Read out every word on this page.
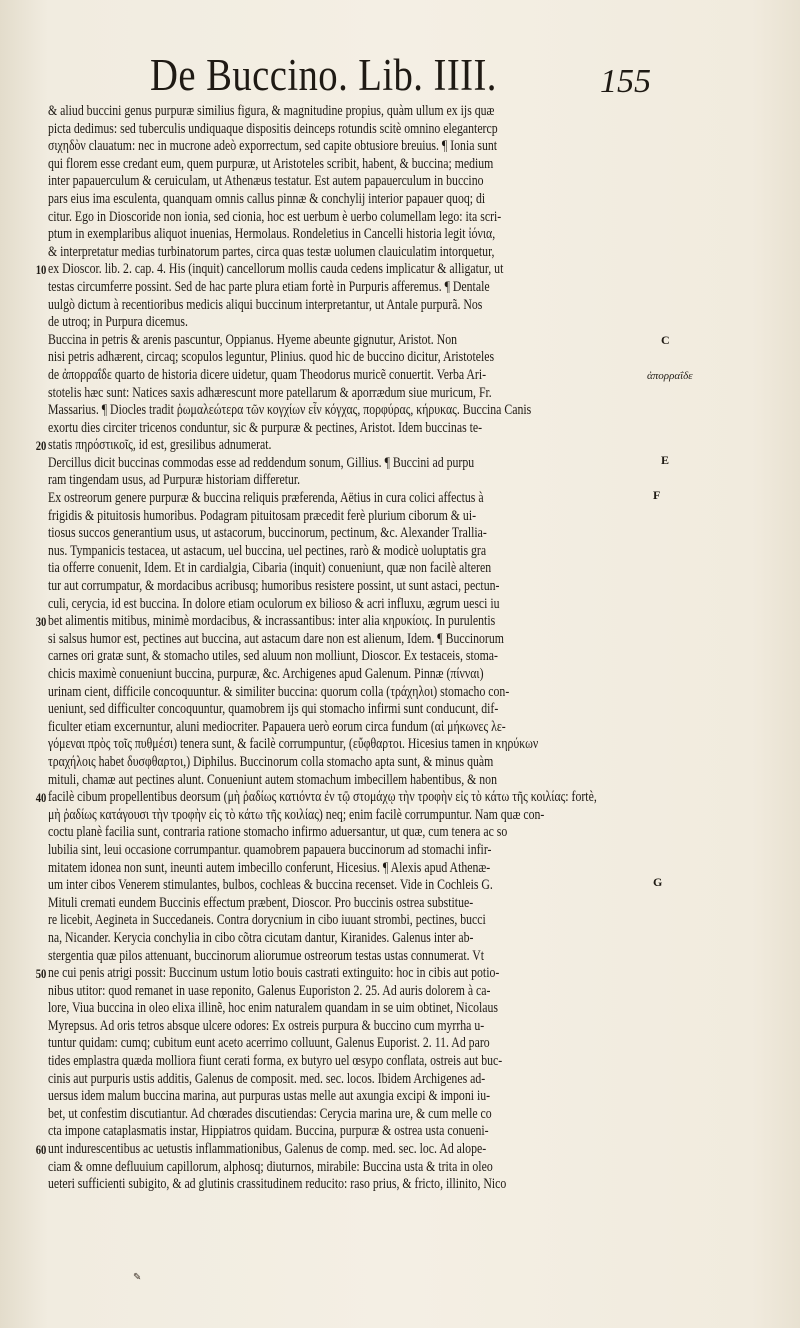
De Buccino. Lib. IIII.	155
& aliud buccini genus purpuræ similius figura, & magnitudine propius, quàm ullum ex ijs quæ
picta dedimus: sed tuberculis undiquaque dispositis deinceps rotundis scitè omnino elegantercp
σιχηδὸν clauatum: nec in mucrone adeò exporrectum, sed capite obtusiore breuius. ¶ Ionia sunt
qui florem esse credant eum, quem purpuræ, ut Aristoteles scribit, habent, & buccina; medium
inter papauerculum & ceruiculam, ut Athenæus testatur. Est autem papauerculum in buccino
pars eius ima esculenta, quanquam omnis callus pinnæ & conchylij interior papauer quoq; di
citur. Ego in Dioscoride non ionia, sed cionia, hoc est uerbum è uerbo columellam lego: ita scri-
ptum in exemplaribus aliquot inuenias, Hermolaus. Rondeletius in Cancelli historia legit ἰόνια,
& interpretatur medias turbinatorum partes, circa quas testæ uolumen clauiculatim intorquetur,
10 ex Dioscor. lib. 2. cap. 4. His (inquit) cancellorum mollis cauda cedens implicatur & alligatur, ut
testas circumferre possint. Sed de hac parte plura etiam fortè in Purpuris afferemus. ¶ Dentale
uulgò dictum à recentioribus medicis aliqui buccinum interpretantur, ut Antale purpurã. Nos
de utroq; in Purpura dicemus.
Buccina in petris & arenis pascuntur, Oppianus. Hyeme abeunte gignutur, Aristot. Non
nisi petris adhærent, circaq; scopulos leguntur, Plinius. quod hic de buccino dicitur, Aristoteles
de ἀπορραΐδε quarto de historia dicere uidetur, quam Theodorus muricẽ conuertit. Verba Ari-
stotelis hæc sunt: Natices saxis adhærescunt more patellarum & aporrædum siue muricum, Fr.
Massarius. ¶ Diocles tradit ῥωμαλεώτερα τῶν κογχίων εἶν κόγχας, πορφύρας, κήρυκας. Buccina Canis
exortu dies circiter tricenos conduntur, sic & purpuræ & pectines, Aristot. Idem buccinas te-
20 statis πηρόστικοῖς, id est, gresilibus adnumerat.
Dercillus dicit buccinas commodas esse ad reddendum sonum, Gillius. ¶ Buccini ad purpu
ram tingendam usus, ad Purpuræ historiam differetur.
Ex ostreorum genere purpuræ & buccina reliquis præferenda, Aëtius in cura colici affectus à
frigidis & pituitosis humoribus. Podagram pituitosam præcedit ferè plurium ciborum & ui-
tiosus succos generantium usus, ut astacorum, buccinorum, pectinum, &c. Alexander Trallia-
nus. Tympanicis testacea, ut astacum, uel buccina, uel pectines, rarò & modicè uoluptatis gra
tia offerre conuenit, Idem. Et in cardialgia, Cibaria (inquit) conueniunt, quæ non facilè alteren
tur aut corrumpatur, & mordacibus acribusq; humoribus resistere possint, ut sunt astaci, pectun-
culi, cerycia, id est buccina. In dolore etiam oculorum ex bilioso & acri influxu, ægrum uesci iu
30 bet alimentis mitibus, minimè mordacibus, & incrassantibus: inter alia κηρυκίοις. In purulentis
si salsus humor est, pectines aut buccina, aut astacum dare non est alienum, Idem. ¶ Buccinorum
carnes ori gratæ sunt, & stomacho utiles, sed aluum non molliunt, Dioscor. Ex testaceis, stoma-
chicis maximè conueniunt buccina, purpuræ, &c. Archigenes apud Galenum. Pinnæ (πίνναι)
urinam cient, difficile concoquuntur. & similiter buccina: quorum colla (τράχηλοι) stomacho con-
ueniunt, sed difficulter concoquuntur, quamobrem ijs qui stomacho infirmi sunt conducunt, dif-
ficulter etiam excernuntur, aluni mediocriter. Papauera uerò eorum circa fundum (αἱ μήκωνες λε-
γόμεναι πρὸς τοῖς πυθμέσι) tenera sunt, & facilè corrumpuntur, (εὔφθαρτοι. Hicesius tamen in κηρύκων
τραχήλοις habet δυσφθαρτοι,) Diphilus. Buccinorum colla stomacho apta sunt, & minus quàm
mituli, chamæ aut pectines alunt. Conueniunt autem stomachum imbecillem habentibus, & non
40 facilè cibum propellentibus deorsum (μὴ ῥαδίως κατιόντα ἐν τῷ στομάχῳ τὴν τροφὴν εἰς τὸ κάτω τῆς κοιλίας: fortè,
μὴ ῥαδίως κατάγουσι τὴν τροφὴν εἰς τὸ κάτω τῆς κοιλίας) neq; enim facilè corrumpuntur. Nam quæ con-
coctu planè facilia sunt, contraria ratione stomacho infirmo aduersantur, ut quæ, cum tenera ac so
lubilia sint, leui occasione corrumpantur. quamobrem papauera buccinorum ad stomachi infir-
mitatem idonea non sunt, ineunti autem imbecillo conferunt, Hicesius. ¶ Alexis apud Athenæ-
um inter cibos Venerem stimulantes, bulbos, cochleas & buccina recenset. Vide in Cochleis G.
Mituli cremati eundem Buccinis effectum præbent, Dioscor. Pro buccinis ostrea substitue-
re licebit, Aegineta in Succedaneis. Contra dorycnium in cibo iuuant strombi, pectines, bucci
na, Nicander. Kerycia conchylia in cibo cõtra cicutam dantur, Kiranides. Galenus inter ab-
stergentia quæ pilos attenuant, buccinorum aliorumue ostreorum testas ustas connumerat. Vt
50 ne cui penis atrigi possit: Buccinum ustum lotio bouis castrati extinguito: hoc in cibis aut potio-
nibus utitor: quod remanet in uase reponito, Galenus Euporiston 2. 25. Ad auris dolorem à ca-
lore, Viua buccina in oleo elixa illinẽ, hoc enim naturalem quandam in se uim obtinet, Nicolaus
Myrepsus. Ad oris tetros absque ulcere odores: Ex ostreis purpura & buccino cum myrrha u-
tuntur quidam: cumq; cubitum eunt aceto acerrimo colluunt, Galenus Euporist. 2. 11. Ad paro
tides emplastra quæda molliora fiunt cerati forma, ex butyro uel œsypo conflata, ostreis aut buc-
cinis aut purpuris ustis additis, Galenus de composit. med. sec. locos. Ibidem Archigenes ad-
uersus idem malum buccina marina, aut purpuras ustas melle aut axungia excipi & imponi iu-
bet, ut confestim discutiantur. Ad chœrades discutiendas: Cerycia marina ure, & cum melle co
cta impone cataplasmatis instar, Hippiatros quidam. Buccina, purpuræ & ostrea usta conueni-
60 unt indurescentibus ac uetustis inflammationibus, Galenus de comp. med. sec. loc. Ad alope-
ciam & omne defluuium capillorum, alphosq; diuturnos, mirabile: Buccina usta & trita in oleo
ueteri sufficienti subigito, & ad glutinis crassitudinem reducito: raso prius, & fricto, illinito, Nico
C
ἀπορραΐδε
E
F
G
✎
